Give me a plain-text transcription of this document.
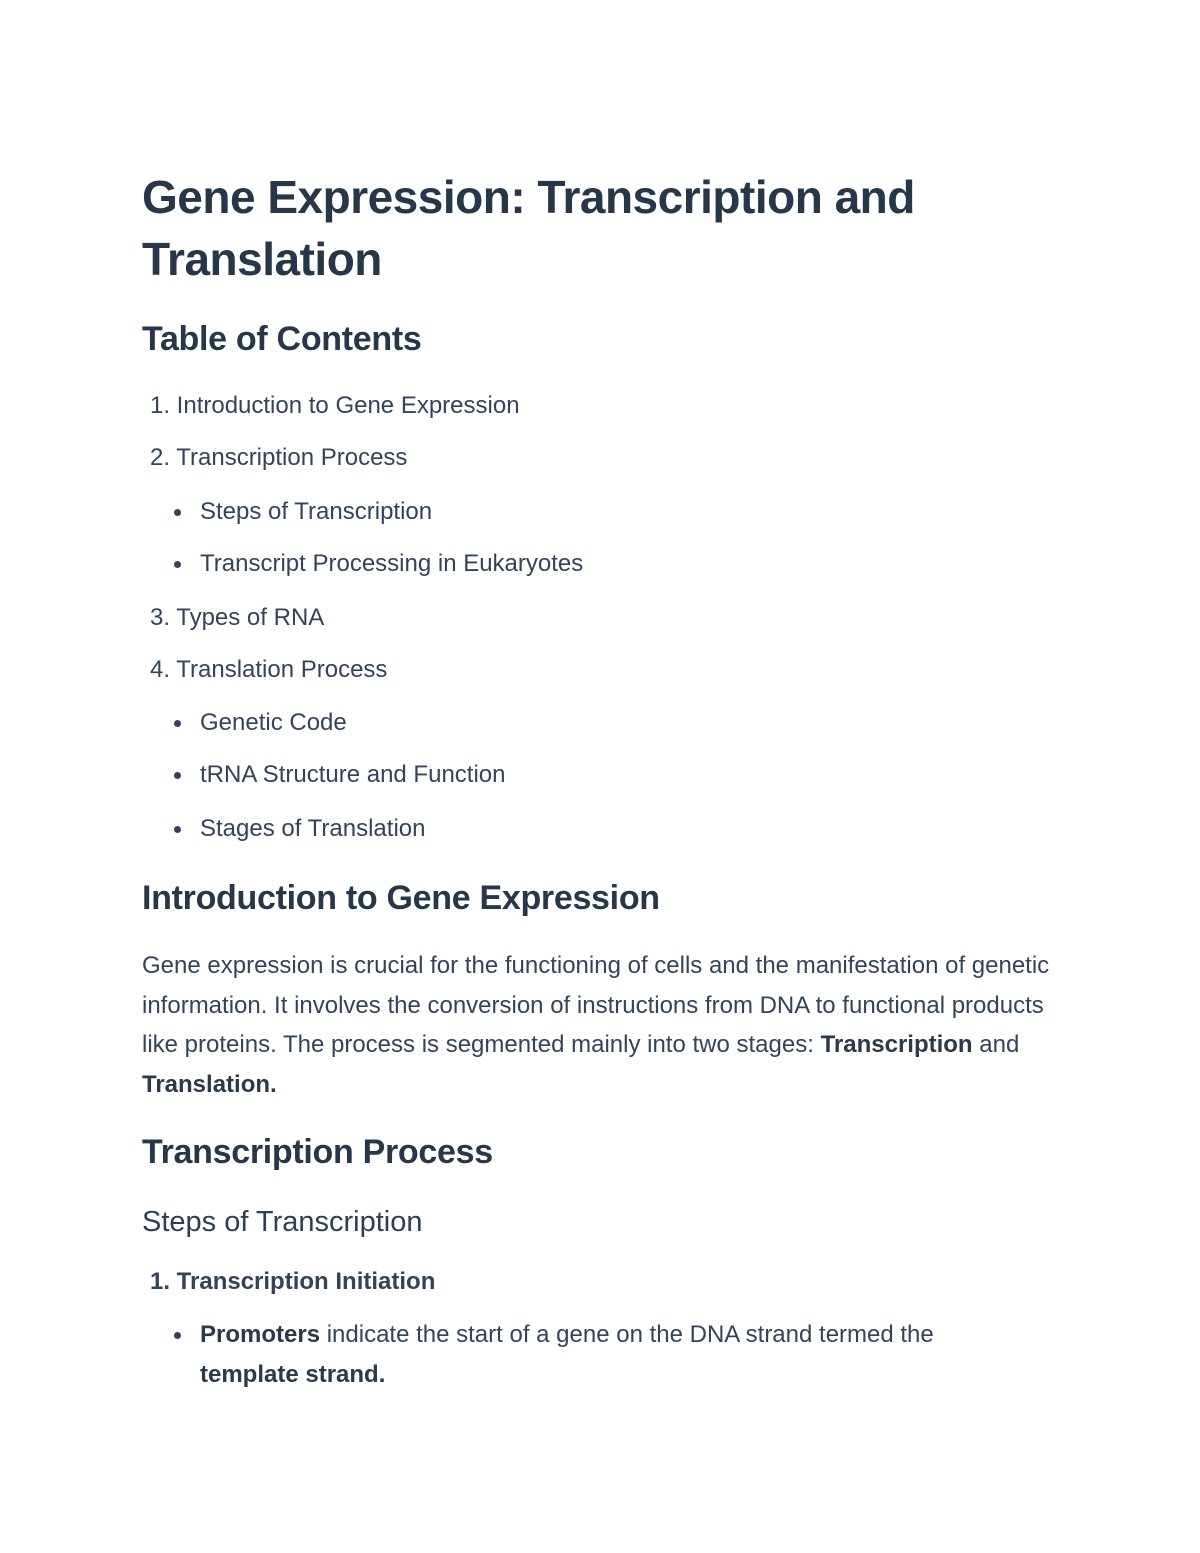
Gene Expression: Transcription and Translation
Table of Contents
1. Introduction to Gene Expression
2. Transcription Process
Steps of Transcription
Transcript Processing in Eukaryotes
3. Types of RNA
4. Translation Process
Genetic Code
tRNA Structure and Function
Stages of Translation
Introduction to Gene Expression

Gene expression is crucial for the functioning of cells and the manifestation of genetic information. It involves the conversion of instructions from DNA to functional products like proteins. The process is segmented mainly into two stages: Transcription and Translation.

Transcription Process
Steps of Transcription
1. Transcription Initiation
Promoters indicate the start of a gene on the DNA strand termed the
template strand.
